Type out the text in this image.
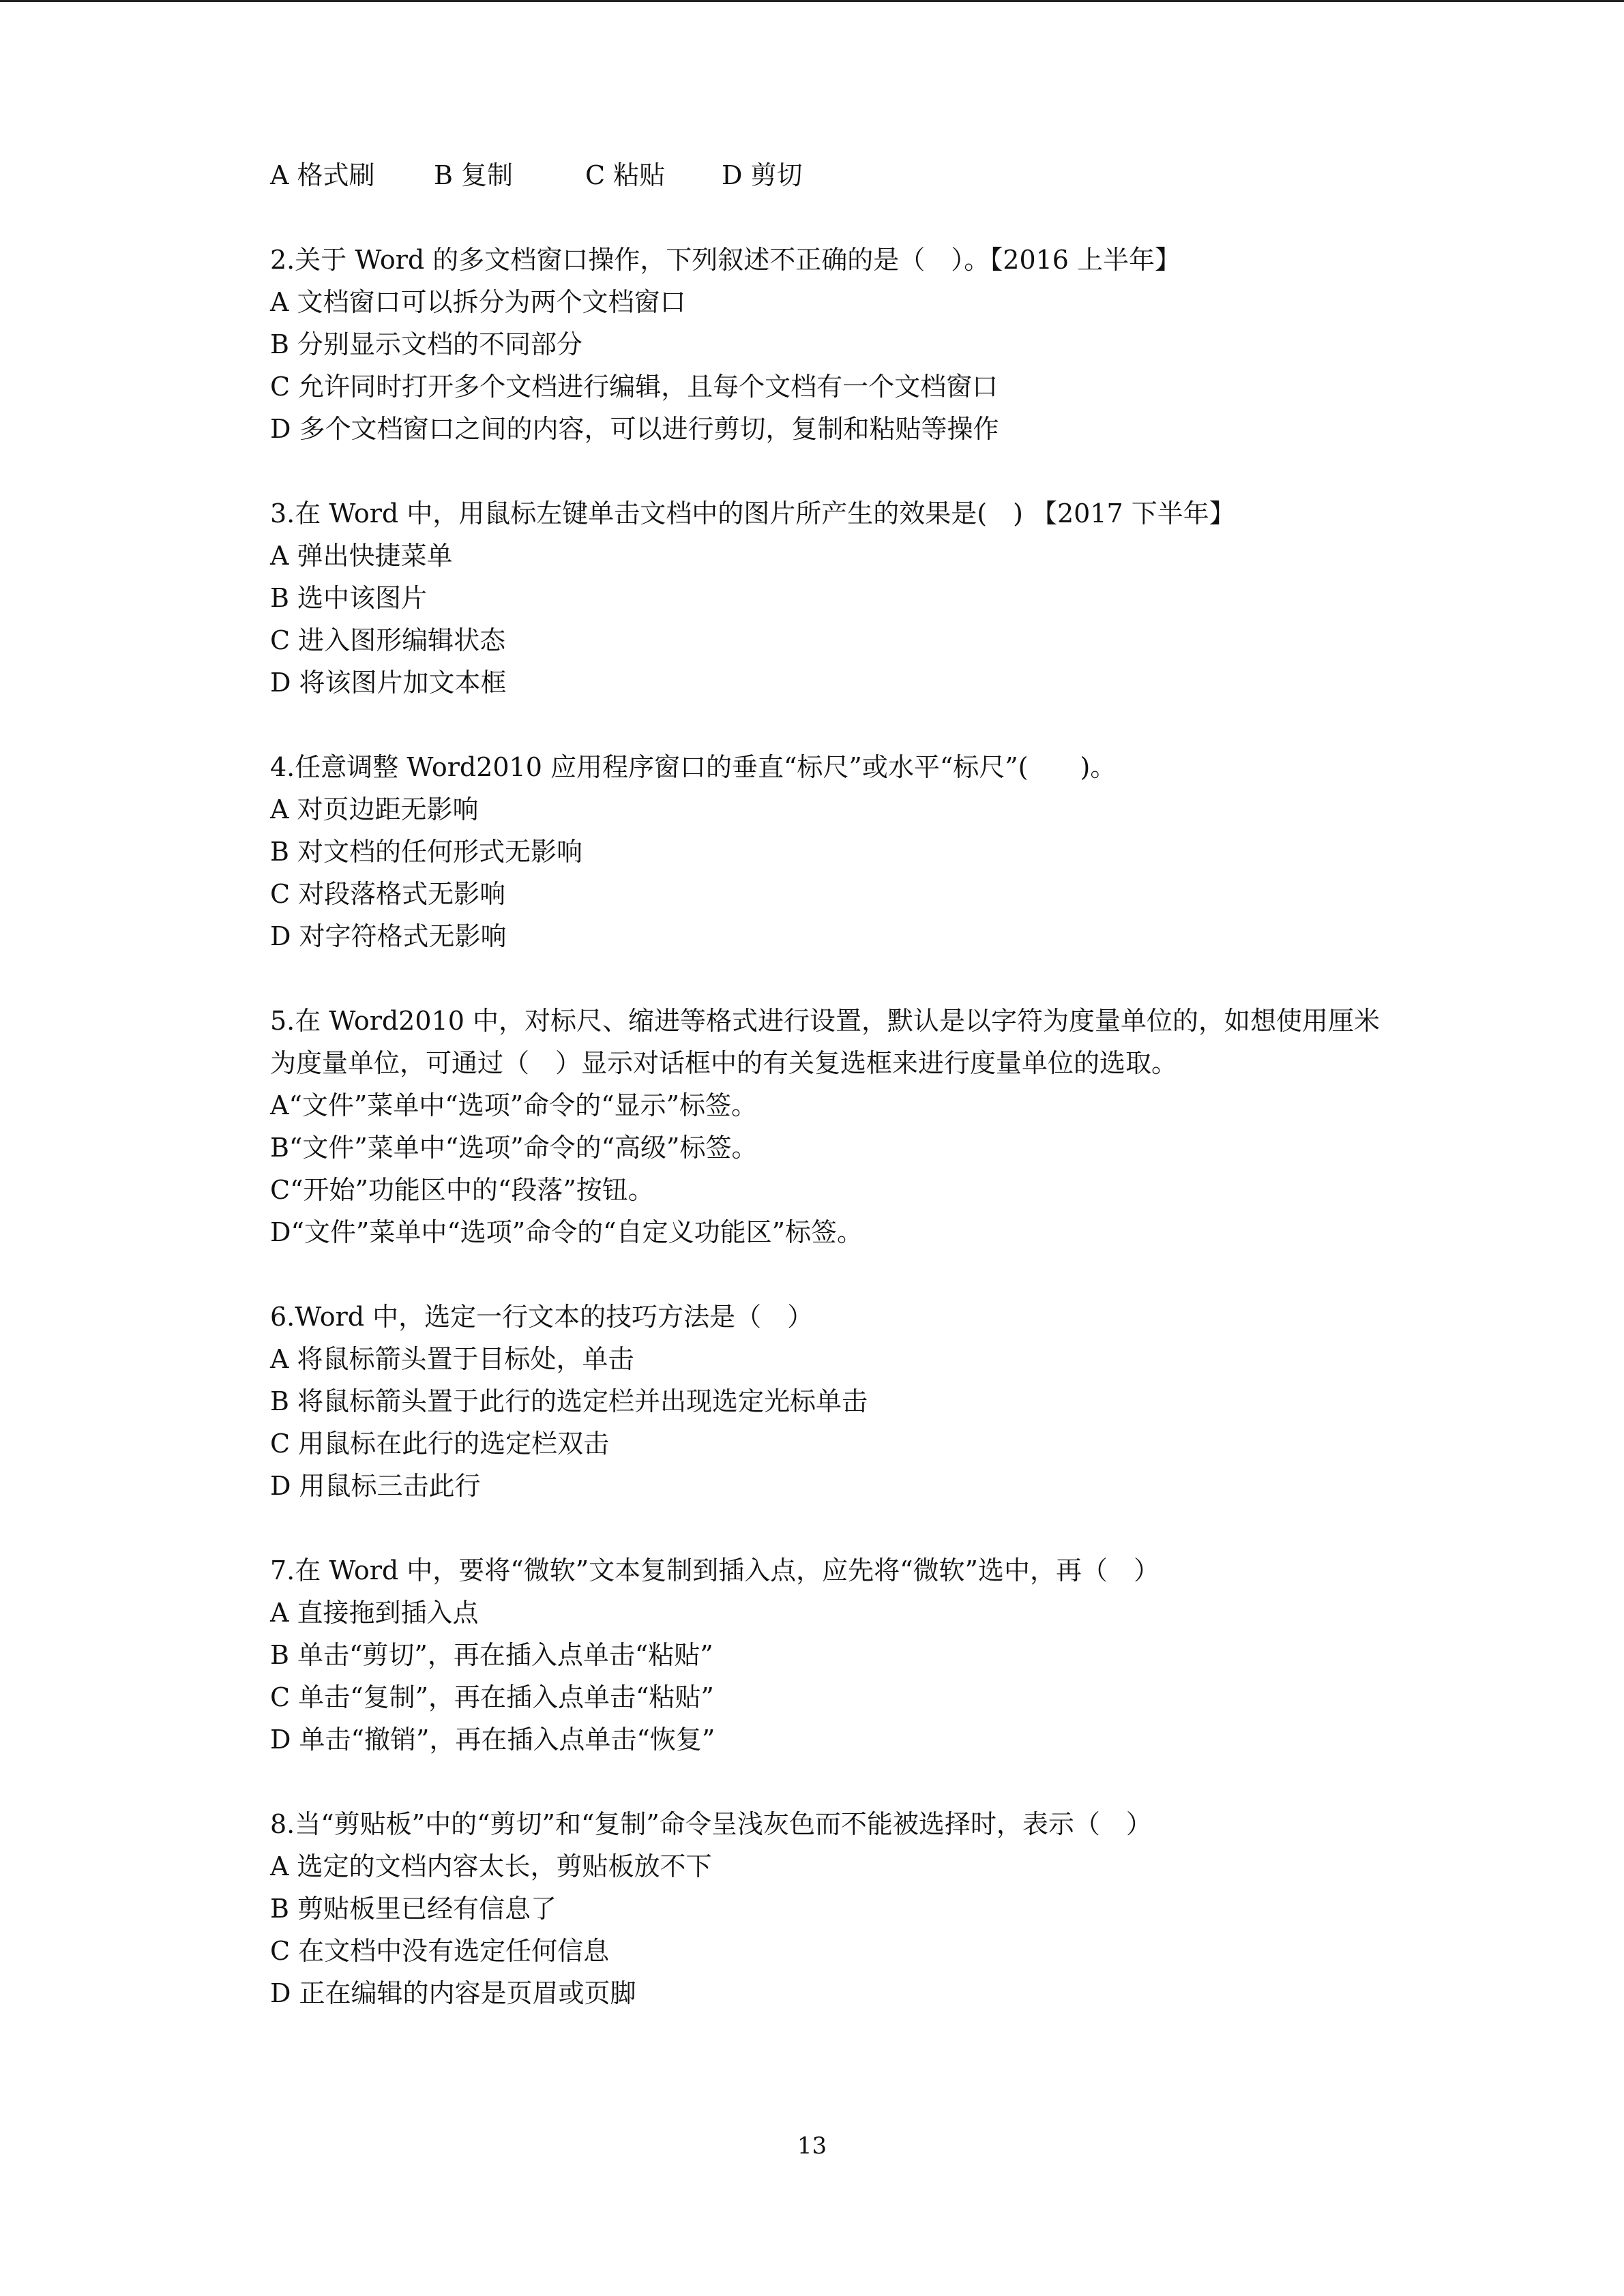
A 格式刷	B 复制	C 粘贴	D 剪切

2.关于 Word 的多文档窗口操作，下列叙述不正确的是（　）。【2016 上半年】

A 文档窗口可以拆分为两个文档窗口

B 分别显示文档的不同部分

C 允许同时打开多个文档进行编辑，且每个文档有一个文档窗口

D 多个文档窗口之间的内容，可以进行剪切，复制和粘贴等操作

3.在 Word 中，用鼠标左键单击文档中的图片所产生的效果是(　) 【2017 下半年】

A 弹出快捷菜单

B 选中该图片

C 进入图形编辑状态

D 将该图片加文本框

4.任意调整 Word2010 应用程序窗口的垂直“标尺”或水平“标尺”(　　)。

A 对页边距无影响

B 对文档的任何形式无影响

C 对段落格式无影响

D 对字符格式无影响

5.在 Word2010 中，对标尺、缩进等格式进行设置，默认是以字符为度量单位的，如想使用厘米

为度量单位，可通过（　）显示对话框中的有关复选框来进行度量单位的选取。

A“文件”菜单中“选项”命令的“显示”标签。

B“文件”菜单中“选项”命令的“高级”标签。

C“开始”功能区中的“段落”按钮。

D“文件”菜单中“选项”命令的“自定义功能区”标签。

6.Word 中，选定一行文本的技巧方法是（　）

A 将鼠标箭头置于目标处，单击

B 将鼠标箭头置于此行的选定栏并出现选定光标单击

C 用鼠标在此行的选定栏双击

D 用鼠标三击此行

7.在 Word 中，要将“微软”文本复制到插入点，应先将“微软”选中，再（　）

A 直接拖到插入点

B 单击“剪切”，再在插入点单击“粘贴”

C 单击“复制”，再在插入点单击“粘贴”

D 单击“撤销”，再在插入点单击“恢复”

8.当“剪贴板”中的“剪切”和“复制”命令呈浅灰色而不能被选择时，表示（　）

A 选定的文档内容太长，剪贴板放不下

B 剪贴板里已经有信息了

C 在文档中没有选定任何信息

D 正在编辑的内容是页眉或页脚

13
